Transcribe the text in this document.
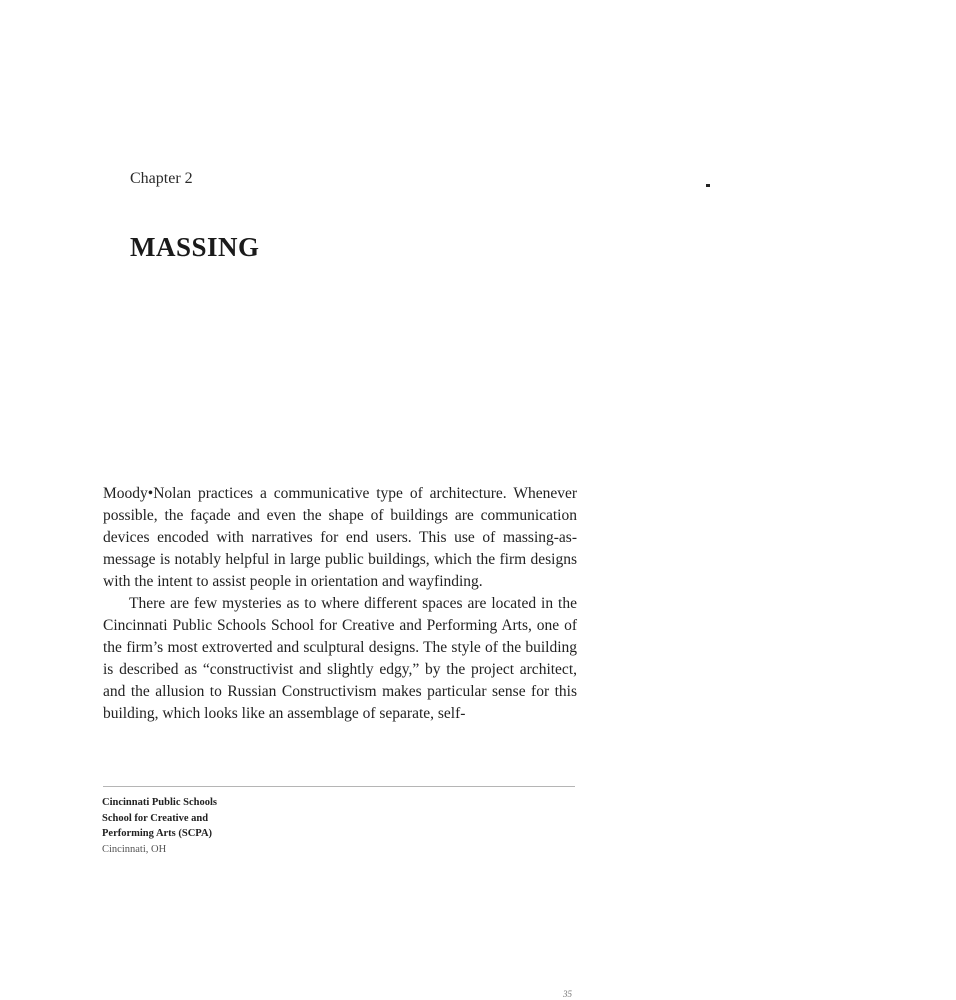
Chapter 2
MASSING

Moody•Nolan practices a communicative type of architecture. Whenever possible, the façade and even the shape of buildings are communication devices encoded with narratives for end users. This use of massing-as-message is notably helpful in large public buildings, which the firm designs with the intent to assist people in orientation and wayfinding.

There are few mysteries as to where different spaces are located in the Cincinnati Public Schools School for Creative and Performing Arts, one of the firm’s most extroverted and sculptural designs. The style of the building is described as “constructivist and slightly edgy,” by the project architect, and the allusion to Russian Constructivism makes particular sense for this building, which looks like an assemblage of separate, self-

Cincinnati Public Schools
School for Creative and
Performing Arts (SCPA)
Cincinnati, OH
35
